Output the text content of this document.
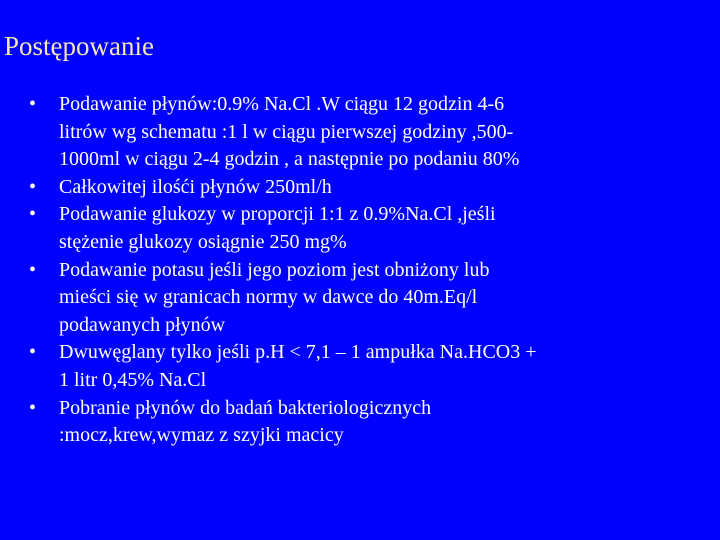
Postępowanie
•	Podawanie płynów:0.9% Na.Cl .W ciągu 12 godzin 4-6
litrów wg schematu :1 l w ciągu pierwszej godziny ,500-
1000ml w ciągu 2-4 godzin , a następnie po podaniu 80%
•	Całkowitej ilośći płynów 250ml/h
•	Podawanie glukozy w proporcji 1:1 z 0.9%Na.Cl ,jeśli
stężenie glukozy osiągnie 250 mg%
•	Podawanie potasu jeśli jego poziom jest obniżony lub
mieści się w granicach normy w dawce do 40m.Eq/l
podawanych płynów
•	Dwuwęglany tylko jeśli p.H < 7,1 – 1 ampułka Na.HCO3 +
1 litr 0,45% Na.Cl
•	Pobranie płynów do badań bakteriologicznych
:mocz,krew,wymaz z szyjki macicy
